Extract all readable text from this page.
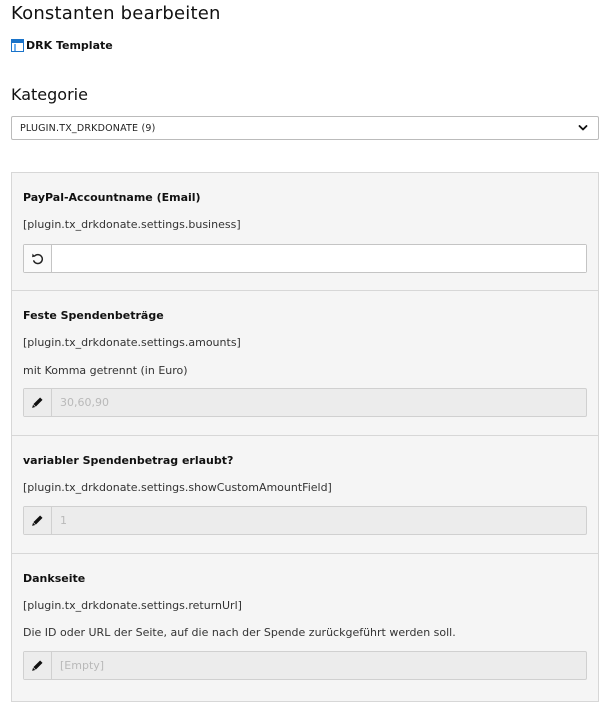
Konstanten bearbeiten
DRK Template
Kategorie
PLUGIN.TX_DRKDONATE (9)
PayPal-Accountname (Email)
[plugin.tx_drkdonate.settings.business]
Feste Spendenbeträge
[plugin.tx_drkdonate.settings.amounts]
mit Komma getrennt (in Euro)
30,60,90
variabler Spendenbetrag erlaubt?
[plugin.tx_drkdonate.settings.showCustomAmountField]
1
Dankseite
[plugin.tx_drkdonate.settings.returnUrl]
Die ID oder URL der Seite, auf die nach der Spende zurückgeführt werden soll.
[Empty]
